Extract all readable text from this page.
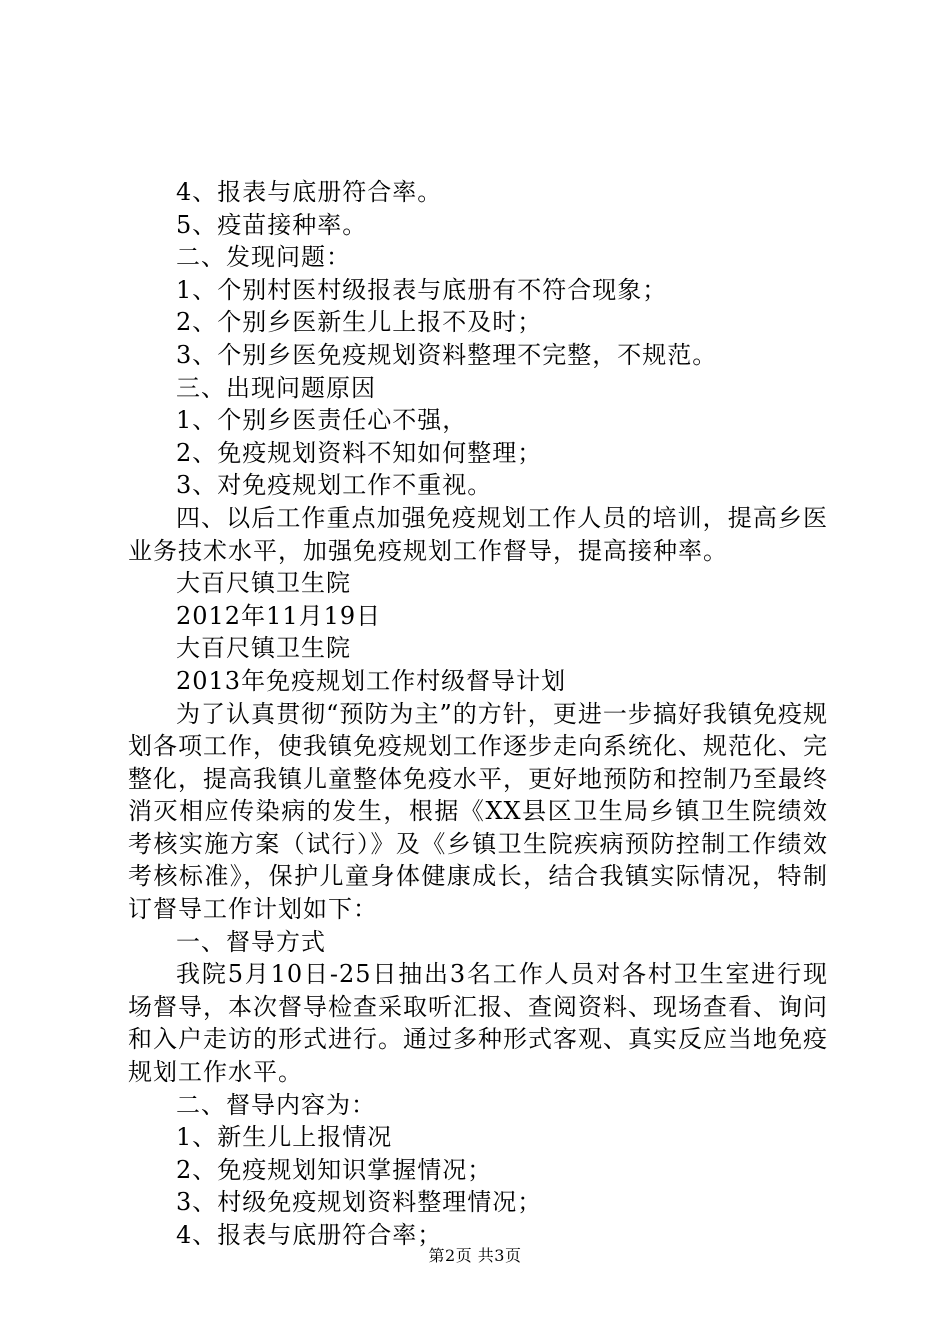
4、报表与底册符合率。

5、疫苗接种率。

二、发现问题：

1、个别村医村级报表与底册有不符合现象；

2、个别乡医新生儿上报不及时；

3、个别乡医免疫规划资料整理不完整，不规范。

三、出现问题原因

1、个别乡医责任心不强，

2、免疫规划资料不知如何整理；

3、对免疫规划工作不重视。

四、以后工作重点加强免疫规划工作人员的培训，提高乡医业务技术水平，加强免疫规划工作督导，提高接种率。

大百尺镇卫生院

2012年11月19日

大百尺镇卫生院

2013年免疫规划工作村级督导计划

为了认真贯彻“预防为主”的方针，更进一步搞好我镇免疫规划各项工作，使我镇免疫规划工作逐步走向系统化、规范化、完整化，提高我镇儿童整体免疫水平，更好地预防和控制乃至最终消灭相应传染病的发生，根据《XX县区卫生局乡镇卫生院绩效考核实施方案（试行）》及《乡镇卫生院疾病预防控制工作绩效考核标准》，保护儿童身体健康成长，结合我镇实际情况，特制订督导工作计划如下：

一、督导方式

我院5月10日-25日抽出3名工作人员对各村卫生室进行现场督导，本次督导检查采取听汇报、查阅资料、现场查看、询问和入户走访的形式进行。通过多种形式客观、真实反应当地免疫规划工作水平。

二、督导内容为：

1、新生儿上报情况

2、免疫规划知识掌握情况；

3、村级免疫规划资料整理情况；

4、报表与底册符合率；

第2页 共3页
